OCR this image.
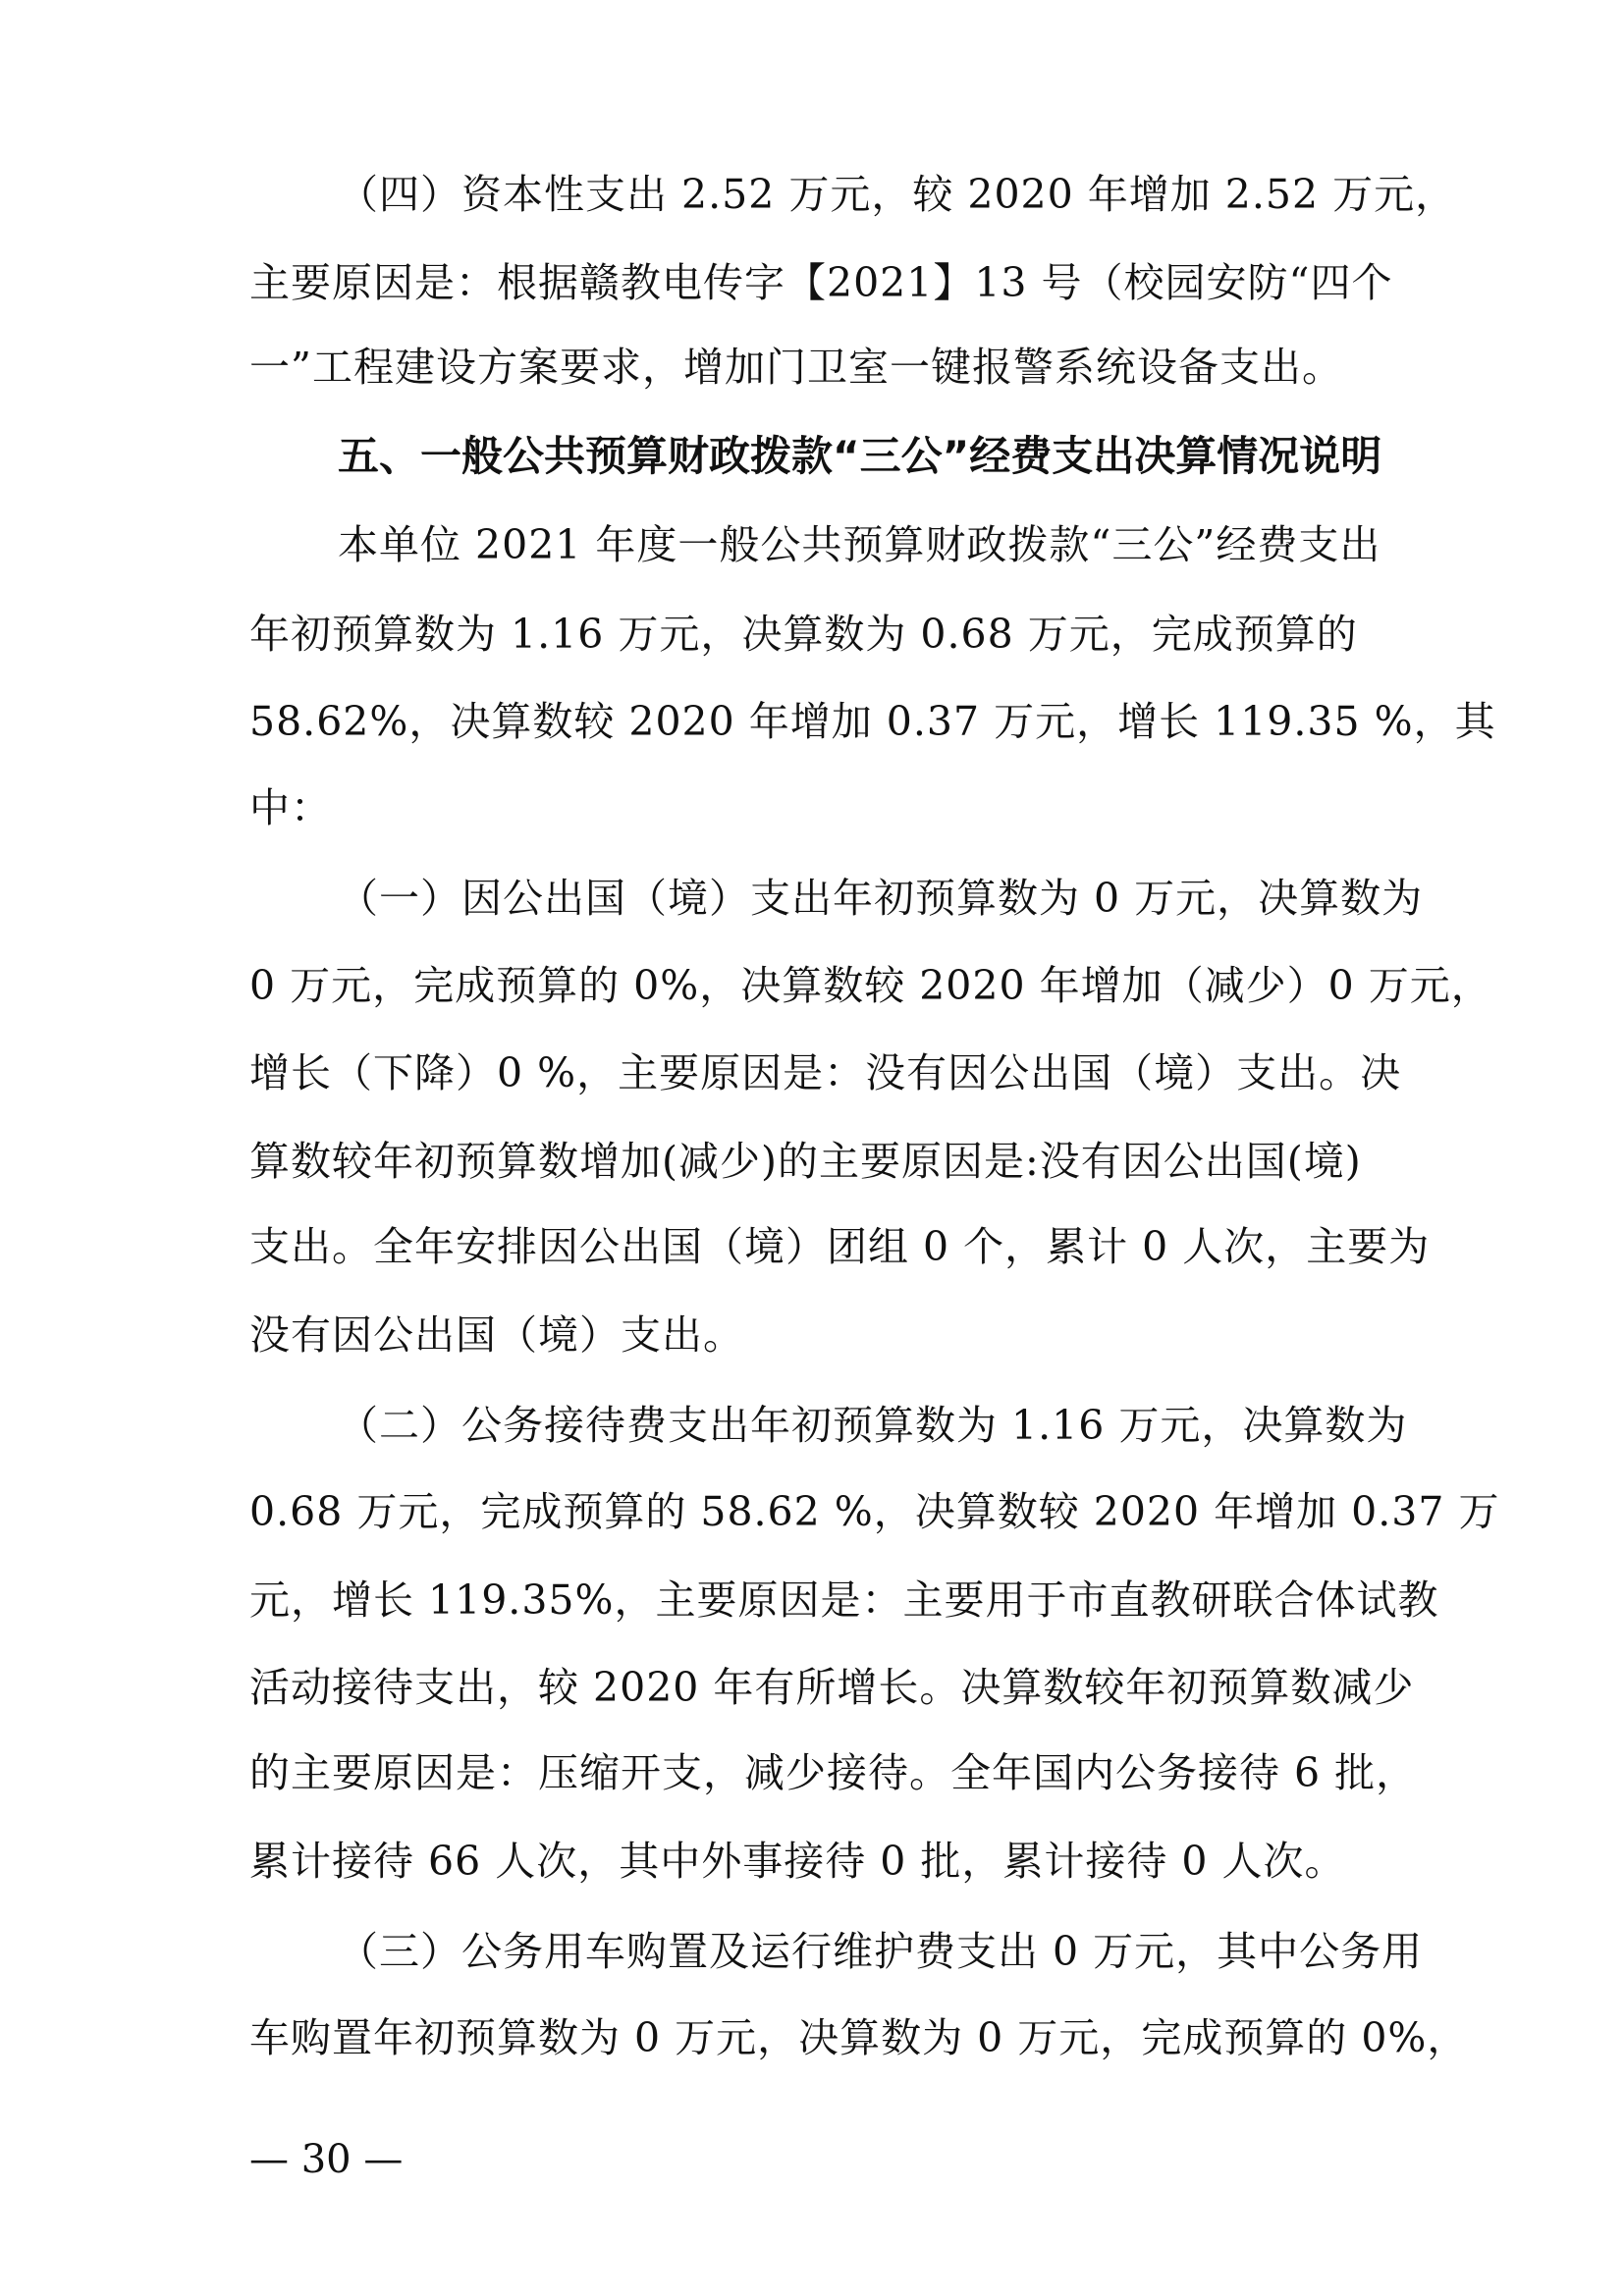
（四）资本性支出 2.52 万元，较 2020 年增加 2.52 万元，
主要原因是：根据赣教电传字【2021】13 号（校园安防“四个
一”工程建设方案要求，增加门卫室一键报警系统设备支出。
五、一般公共预算财政拨款“三公”经费支出决算情况说明
本单位 2021 年度一般公共预算财政拨款“三公”经费支出
年初预算数为 1.16 万元，决算数为 0.68 万元，完成预算的
58.62%，决算数较 2020 年增加 0.37 万元，增长 119.35 %，其
中：
（一）因公出国（境）支出年初预算数为 0 万元，决算数为
0 万元，完成预算的 0%，决算数较 2020 年增加（减少）0 万元，
增长（下降）0 %，主要原因是：没有因公出国（境）支出。决
算数较年初预算数增加(减少)的主要原因是:没有因公出国(境)
支出。全年安排因公出国（境）团组 0 个，累计 0 人次，主要为
没有因公出国（境）支出。
（二）公务接待费支出年初预算数为 1.16 万元，决算数为
0.68 万元，完成预算的 58.62 %，决算数较 2020 年增加 0.37 万
元，增长 119.35%，主要原因是：主要用于市直教研联合体试教
活动接待支出，较 2020 年有所增长。决算数较年初预算数减少
的主要原因是：压缩开支，减少接待。全年国内公务接待 6 批，
累计接待 66 人次，其中外事接待 0 批，累计接待 0 人次。
（三）公务用车购置及运行维护费支出 0 万元，其中公务用
车购置年初预算数为 0 万元，决算数为 0 万元，完成预算的 0%，
— 30 —
